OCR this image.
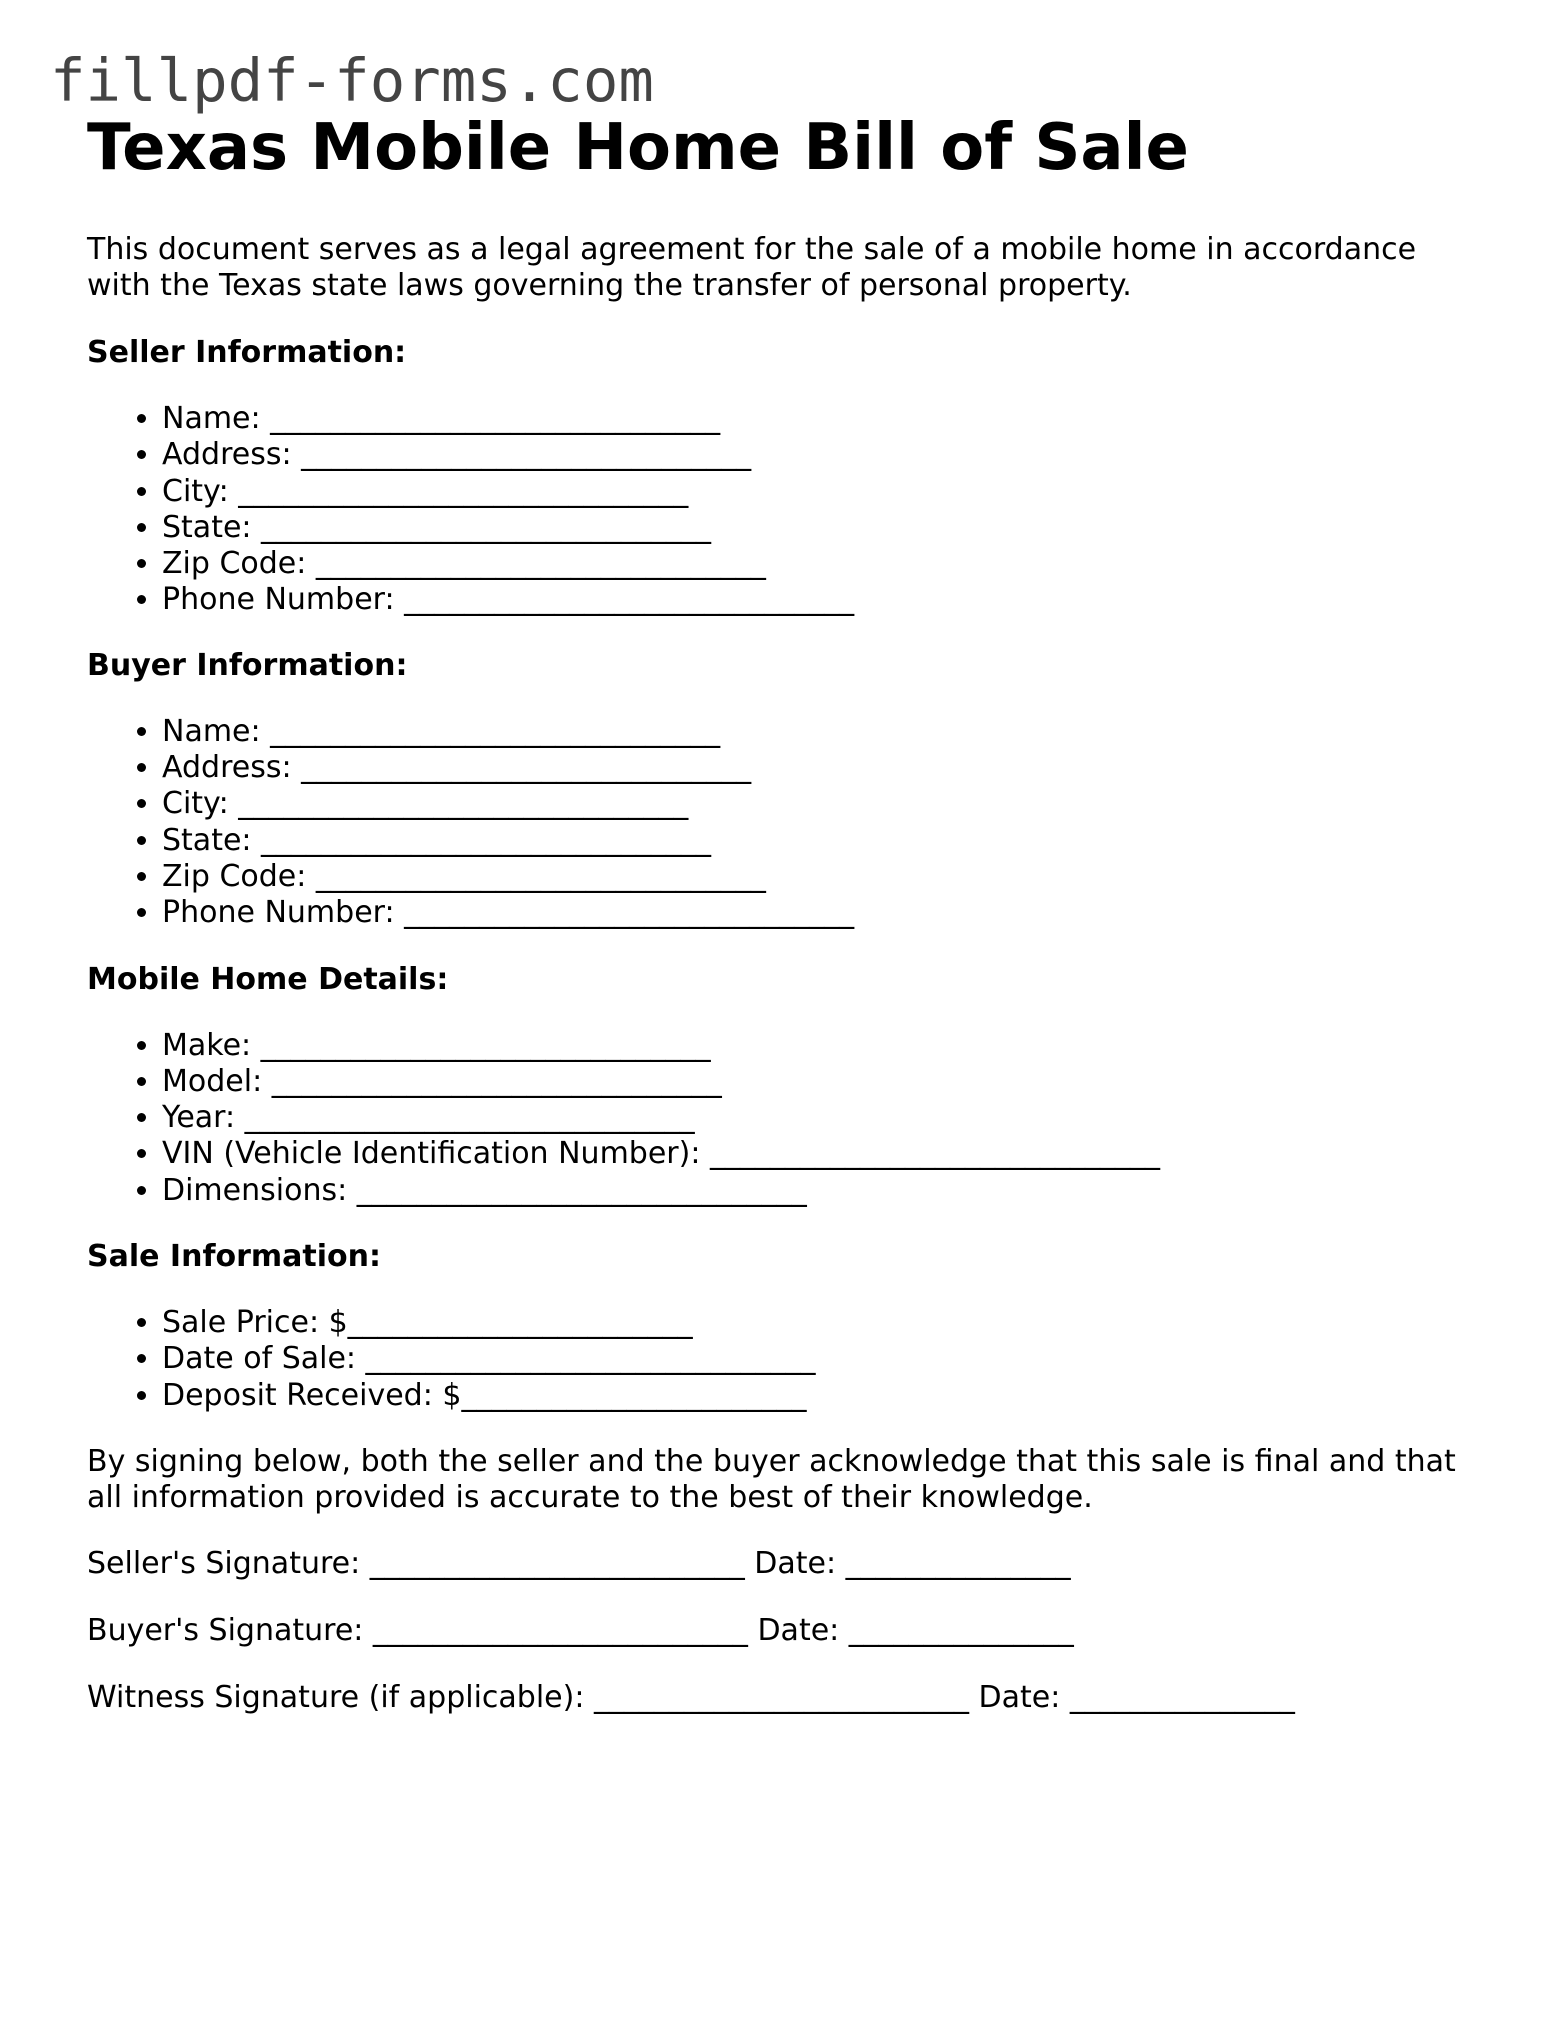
fillpdf-forms.com
Texas Mobile Home Bill of Sale

This document serves as a legal agreement for the sale of a mobile home in accordance with the Texas state laws governing the transfer of personal property.

Seller Information:
• Name: ______________________________
• Address: ______________________________
• City: ______________________________
• State: ______________________________
• Zip Code: ______________________________
• Phone Number: ______________________________
Buyer Information:
• Name: ______________________________
• Address: ______________________________
• City: ______________________________
• State: ______________________________
• Zip Code: ______________________________
• Phone Number: ______________________________
Mobile Home Details:
• Make: ______________________________
• Model: ______________________________
• Year: ______________________________
• VIN (Vehicle Identification Number): ______________________________
• Dimensions: ______________________________
Sale Information:
• Sale Price: $_______________________
• Date of Sale: ______________________________
• Deposit Received: $_______________________

By signing below, both the seller and the buyer acknowledge that this sale is final and that all information provided is accurate to the best of their knowledge.

Seller's Signature: _________________________ Date: _______________

Buyer's Signature: _________________________ Date: _______________

Witness Signature (if applicable): _________________________ Date: _______________
